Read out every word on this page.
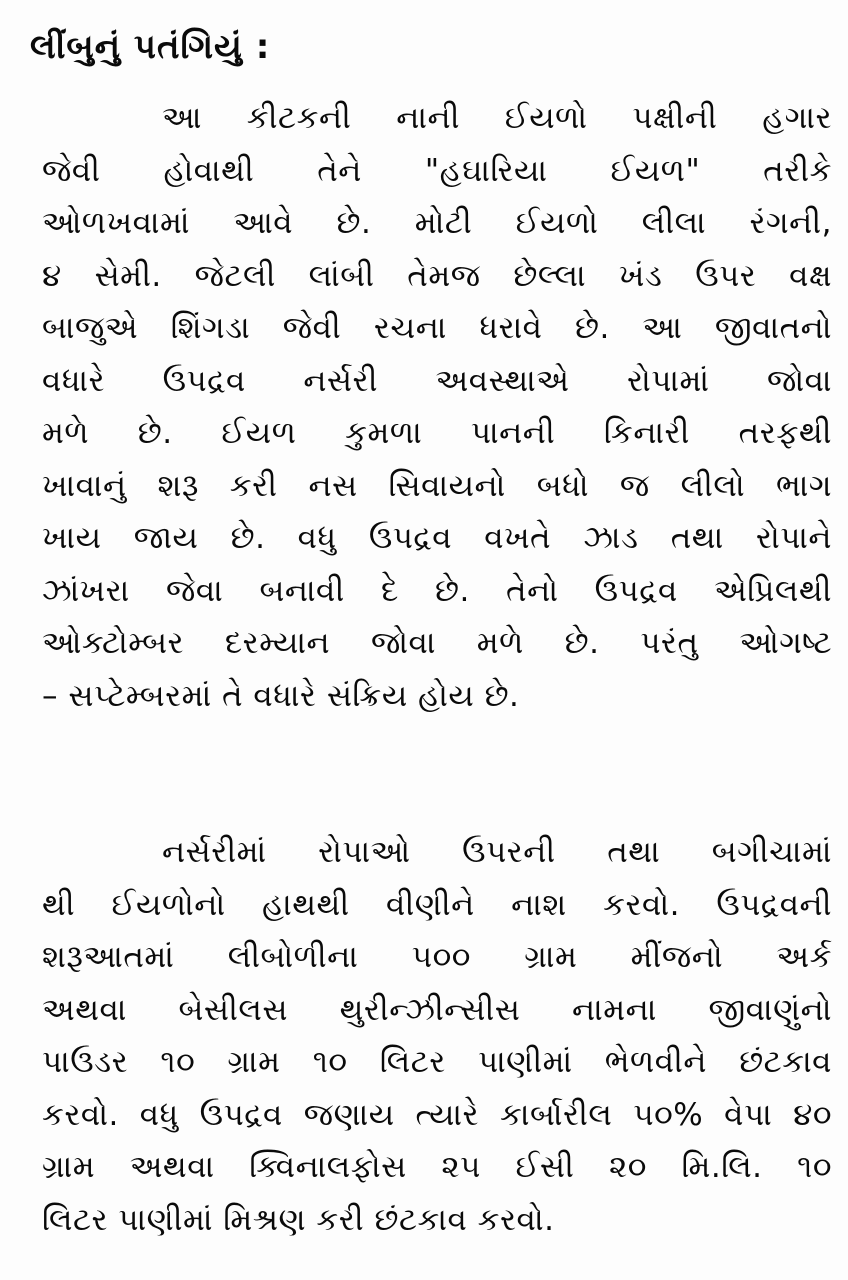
લીંબુનું પતંગિયું :
આ કીટકની નાની ઈયળો પક્ષીની હગાર
જેવી હોવાથી તેને "હઘારિયા ઈયળ" તરીકે
ઓળખવામાં આવે છે. મોટી ઈયળો લીલા રંગની,
૪ સેમી. જેટલી લાંબી તેમજ છેલ્લા ખંડ ઉપર વક્ષ
બાજુએ શિંગડા જેવી રચના ધરાવે છે. આ જીવાતનો
વધારે ઉપદ્રવ નર્સરી અવસ્થાએ રોપામાં જોવા
મળે છે. ઈયળ કુમળા પાનની કિનારી તરફથી
ખાવાનું શરૂ કરી નસ સિવાયનો બધો જ લીલો ભાગ
ખાય જાય છે. વધુ ઉપદ્રવ વખતે ઝાડ તથા રોપાને
ઝાંખરા જેવા બનાવી દે છે. તેનો ઉપદ્રવ એપ્રિલથી
ઓક્ટોમ્બર દરમ્યાન જોવા મળે છે. પરંતુ ઓગષ્ટ
– સપ્ટેમ્બરમાં તે વધારે સંક્રિય હોય છે.
નર્સરીમાં રોપાઓ ઉપરની તથા બગીચામાં
થી ઈયળોનો હાથથી વીણીને નાશ કરવો. ઉપદ્રવની
શરૂઆતમાં લીબોળીના ૫૦૦ ગ્રામ મીંજનો અર્ક
અથવા બેસીલસ થુરીન્ઝીન્સીસ નામના જીવાણુંનો
પાઉડર ૧૦ ગ્રામ ૧૦ લિટર પાણીમાં ભેળવીને છંટકાવ
કરવો. વધુ ઉપદ્રવ જણાય ત્યારે કાર્બારીલ ૫૦% વેપા ૪૦
ગ્રામ અથવા ક્વિનાલફોસ ૨૫ ઈસી ૨૦ મિ.લિ. ૧૦
લિટર પાણીમાં મિશ્રણ કરી છંટકાવ કરવો.
